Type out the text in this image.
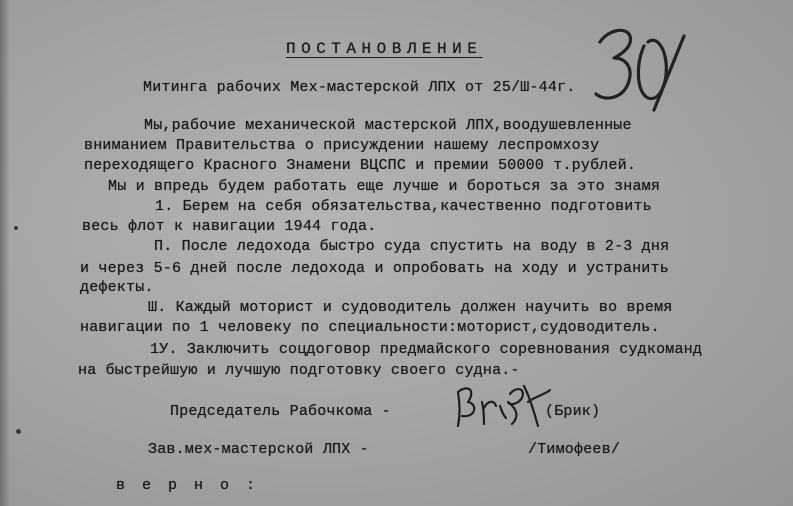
ПОСТАНОВЛЕНИЕ
Митинга рабочих Мех-мастерской ЛПХ от 25/Ш-44г.
Мы,рабочие механической мастерской ЛПХ,воодушевленные
вниманием Правительства о присуждении нашему леспромхозу
переходящего Красного Знамени ВЦСПС и премии 50000 т.рублей.
Мы и впредь будем работать еще лучше и бороться за это знамя
1. Берем на себя обязательства,качественно подготовить
весь флот к навигации 1944 года.
П. После ледохода быстро суда спустить на воду в 2-3 дня
и через 5-6 дней после ледохода и опробовать на ходу и устранить
дефекты.
Ш. Каждый моторист и судоводитель должен научить во время
навигации по 1 человеку по специальности:моторист,судоводитель.
1У. Заключить соцдоговор предмайского соревнования судкоманд
на быстрейшую и лучшую подготовку своего судна.-
Председатель Рабочкома -	(Брик)
Зав.мех-мастерской ЛПХ -	/Тимофеев/
в е р н о :
